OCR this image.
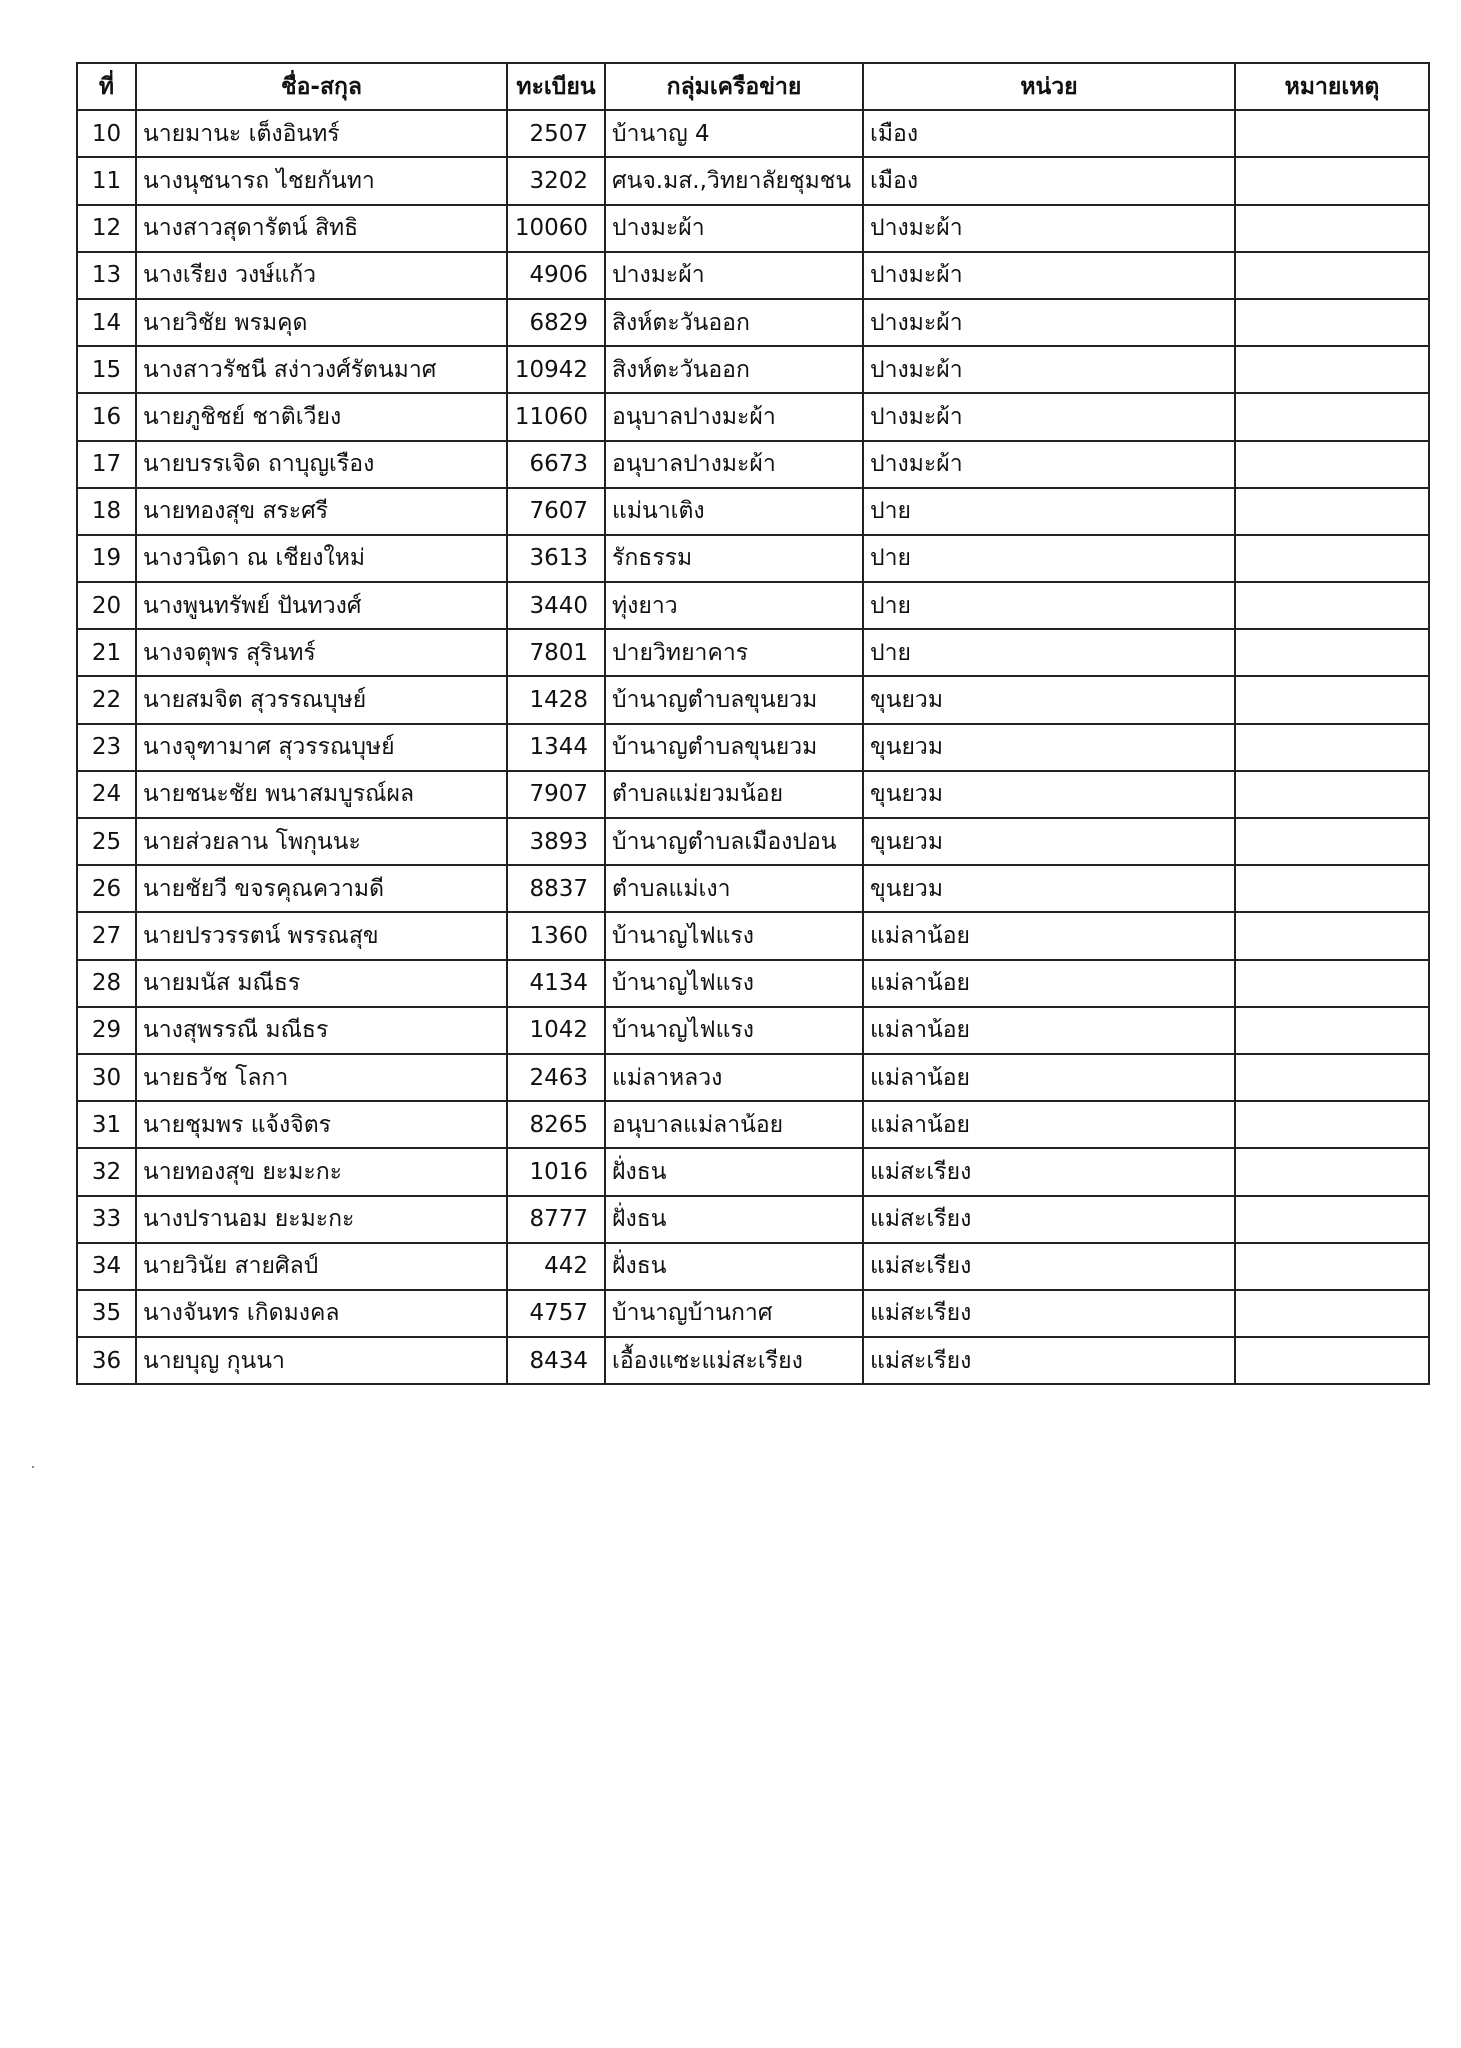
ที่	ชื่อ-สกุล	ทะเบียน	กลุ่มเครือข่าย	หน่วย	หมายเหตุ
10	นายมานะ เต็งอินทร์	2507	บ้านาญ 4	เมือง	
11	นางนุชนารถ ไชยกันทา	3202	ศนจ.มส.,วิทยาลัยชุมชน	เมือง	
12	นางสาวสุดารัตน์ สิทธิ	10060	ปางมะผ้า	ปางมะผ้า	
13	นางเรียง วงษ์แก้ว	4906	ปางมะผ้า	ปางมะผ้า	
14	นายวิชัย พรมคุด	6829	สิงห์ตะวันออก	ปางมะผ้า	
15	นางสาวรัชนี สง่าวงศ์รัตนมาศ	10942	สิงห์ตะวันออก	ปางมะผ้า	
16	นายภูชิชย์ ชาติเวียง	11060	อนุบาลปางมะผ้า	ปางมะผ้า	
17	นายบรรเจิด ถาบุญเรือง	6673	อนุบาลปางมะผ้า	ปางมะผ้า	
18	นายทองสุข สระศรี	7607	แม่นาเติง	ปาย	
19	นางวนิดา ณ เชียงใหม่	3613	รักธรรม	ปาย	
20	นางพูนทรัพย์ ปันทวงศ์	3440	ทุ่งยาว	ปาย	
21	นางจตุพร สุรินทร์	7801	ปายวิทยาคาร	ปาย	
22	นายสมจิต สุวรรณบุษย์	1428	บ้านาญตำบลขุนยวม	ขุนยวม	
23	นางจุฑามาศ สุวรรณบุษย์	1344	บ้านาญตำบลขุนยวม	ขุนยวม	
24	นายชนะชัย พนาสมบูรณ์ผล	7907	ตำบลแม่ยวมน้อย	ขุนยวม	
25	นายส่วยลาน โพกุนนะ	3893	บ้านาญตำบลเมืองปอน	ขุนยวม	
26	นายชัยวี ขจรคุณความดี	8837	ตำบลแม่เงา	ขุนยวม	
27	นายปรวรรตน์ พรรณสุข	1360	บ้านาญไฟแรง	แม่ลาน้อย	
28	นายมนัส มณีธร	4134	บ้านาญไฟแรง	แม่ลาน้อย	
29	นางสุพรรณี มณีธร	1042	บ้านาญไฟแรง	แม่ลาน้อย	
30	นายธวัช โลกา	2463	แม่ลาหลวง	แม่ลาน้อย	
31	นายชุมพร แจ้งจิตร	8265	อนุบาลแม่ลาน้อย	แม่ลาน้อย	
32	นายทองสุข ยะมะกะ	1016	ฝั่งธน	แม่สะเรียง	
33	นางปรานอม ยะมะกะ	8777	ฝั่งธน	แม่สะเรียง	
34	นายวินัย สายศิลป์	442	ฝั่งธน	แม่สะเรียง	
35	นางจันทร เกิดมงคล	4757	บ้านาญบ้านกาศ	แม่สะเรียง	
36	นายบุญ กุนนา	8434	เอื้องแซะแม่สะเรียง	แม่สะเรียง	
